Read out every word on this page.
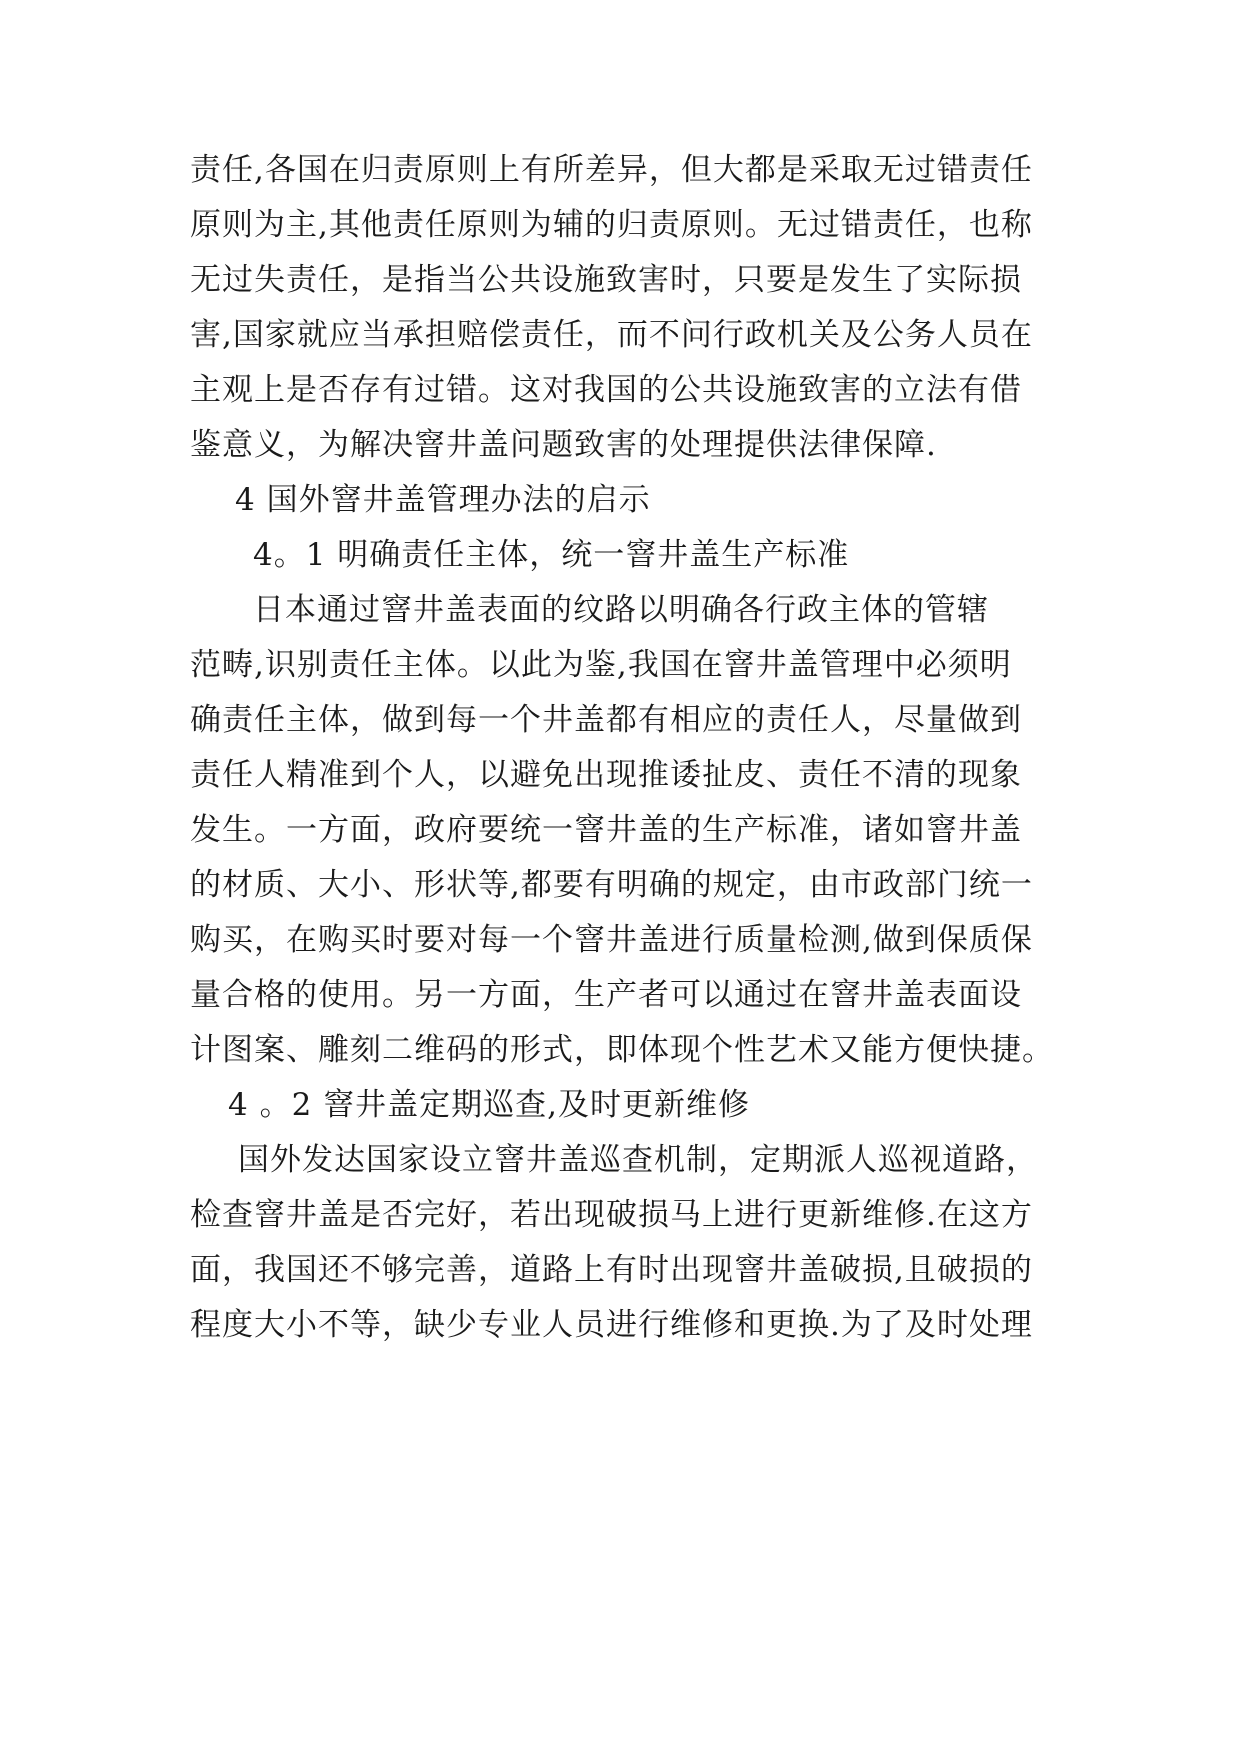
责任,各国在归责原则上有所差异，但大都是采取无过错责任
原则为主,其他责任原则为辅的归责原则。无过错责任，也称
无过失责任，是指当公共设施致害时，只要是发生了实际损
害,国家就应当承担赔偿责任，而不问行政机关及公务人员在
主观上是否存有过错。这对我国的公共设施致害的立法有借
鉴意义，为解决窨井盖问题致害的处理提供法律保障.
4 国外窨井盖管理办法的启示
4。1 明确责任主体，统一窨井盖生产标准
日本通过窨井盖表面的纹路以明确各行政主体的管辖
范畴,识别责任主体。以此为鉴,我国在窨井盖管理中必须明
确责任主体，做到每一个井盖都有相应的责任人，尽量做到
责任人精准到个人，以避免出现推诿扯皮、责任不清的现象
发生。一方面，政府要统一窨井盖的生产标准，诸如窨井盖
的材质、大小、形状等,都要有明确的规定，由市政部门统一
购买，在购买时要对每一个窨井盖进行质量检测,做到保质保
量合格的使用。另一方面，生产者可以通过在窨井盖表面设
计图案、雕刻二维码的形式，即体现个性艺术又能方便快捷。
4 。2 窨井盖定期巡查,及时更新维修
国外发达国家设立窨井盖巡查机制，定期派人巡视道路，
检查窨井盖是否完好，若出现破损马上进行更新维修.在这方
面，我国还不够完善，道路上有时出现窨井盖破损,且破损的
程度大小不等，缺少专业人员进行维修和更换.为了及时处理
